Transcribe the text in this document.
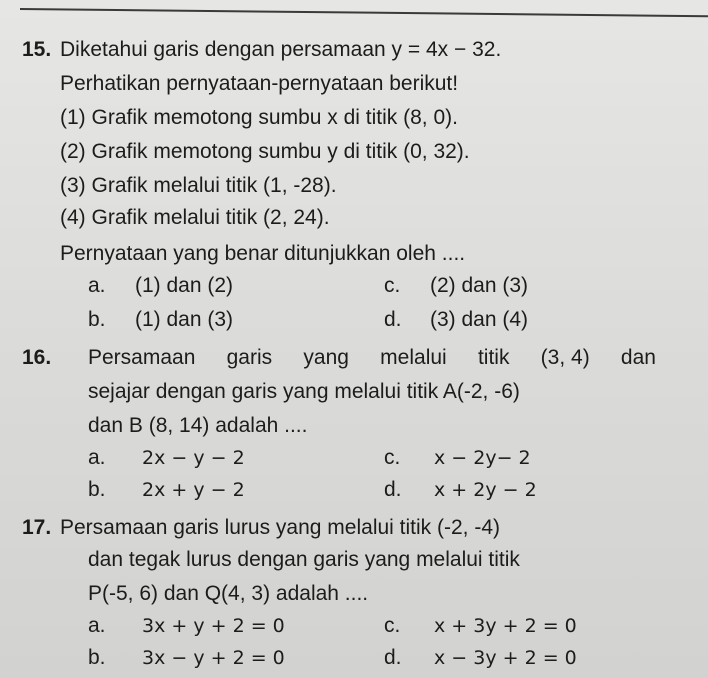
15. Diketahui garis dengan persamaan y = 4x − 32.
Perhatikan pernyataan-pernyataan berikut!
(1) Grafik memotong sumbu x di titik (8, 0).
(2) Grafik memotong sumbu y di titik (0, 32).
(3) Grafik melalui titik (1, -28).
(4) Grafik melalui titik (2, 24).
Pernyataan yang benar ditunjukkan oleh ....
a. (1) dan (2)
b. (1) dan (3)
c. (2) dan (3)
d. (3) dan (4)
16. Persamaan garis yang melalui titik (3, 4) dan
sejajar dengan garis yang melalui titik A(-2, -6)
dan B (8, 14) adalah ....
a. 2x − y − 2
b. 2x + y − 2
c. x − 2y− 2
d. x + 2y − 2
17. Persamaan garis lurus yang melalui titik (-2, -4)
dan tegak lurus dengan garis yang melalui titik
P(-5, 6) dan Q(4, 3) adalah ....
a. 3x + y + 2 = 0
b. 3x − y + 2 = 0
c. x + 3y + 2 = 0
d. x − 3y + 2 = 0
